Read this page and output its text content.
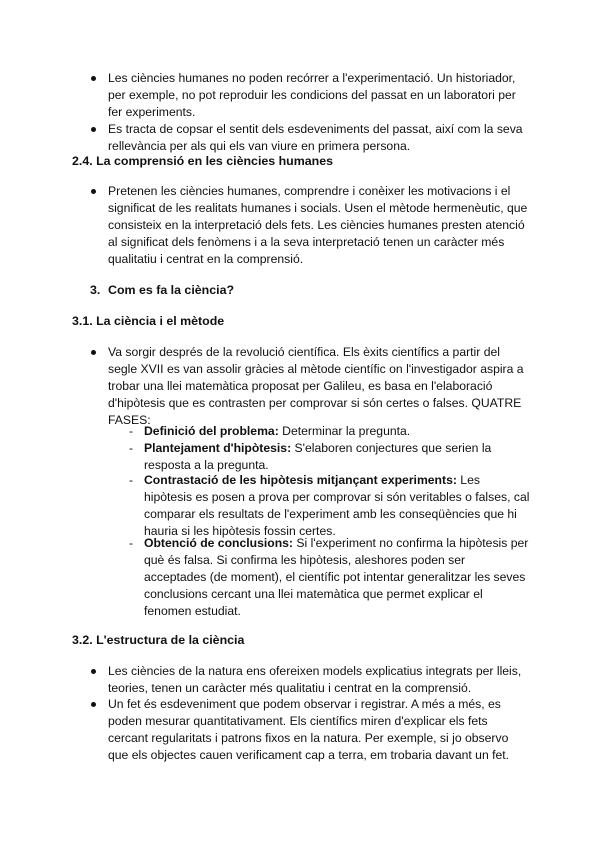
Les ciències humanes no poden recórrer a l'experimentació. Un historiador, per exemple, no pot reproduir les condicions del passat en un laboratori per fer experiments.

Es tracta de copsar el sentit dels esdeveniments del passat, així com la seva rellevància per als qui els van viure en primera persona.

2.4. La comprensió en les ciències humanes

Pretenen les ciències humanes, comprendre i conèixer les motivacions i el significat de les realitats humanes i socials. Usen el mètode hermenèutic, que consisteix en la interpretació dels fets. Les ciències humanes presten atenció al significat dels fenòmens i a la seva interpretació tenen un caràcter més qualitatiu i centrat en la comprensió.

3. Com es fa la ciència?
3.1. La ciència i el mètode

Va sorgir després de la revolució científica. Els èxits científics a partir del segle XVII es van assolir gràcies al mètode científic on l'investigador aspira a trobar una llei matemàtica proposat per Galileu, es basa en l'elaboració d'hipòtesis que es contrasten per comprovar si són certes o falses. QUATRE FASES:

- Definició del problema: Determinar la pregunta.

- Plantejament d'hipòtesis: S'elaboren conjectures que serien la resposta a la pregunta.

- Contrastació de les hipòtesis mitjançant experiments: Les hipòtesis es posen a prova per comprovar si són veritables o falses, cal comparar els resultats de l'experiment amb les conseqüències que hi hauria si les hipòtesis fossin certes.

- Obtenció de conclusions: Si l'experiment no confirma la hipòtesis per què és falsa. Si confirma les hipòtesis, aleshores poden ser acceptades (de moment), el científic pot intentar generalitzar les seves conclusions cercant una llei matemàtica que permet explicar el fenomen estudiat.

3.2. L'estructura de la ciència

Les ciències de la natura ens ofereixen models explicatius integrats per lleis, teories, tenen un caràcter més qualitatiu i centrat en la comprensió.

Un fet és esdeveniment que podem observar i registrar. A més a més, es poden mesurar quantitativament. Els científics miren d'explicar els fets cercant regularitats i patrons fixos en la natura. Per exemple, si jo observo que els objectes cauen verificament cap a terra, em trobaria davant un fet.
